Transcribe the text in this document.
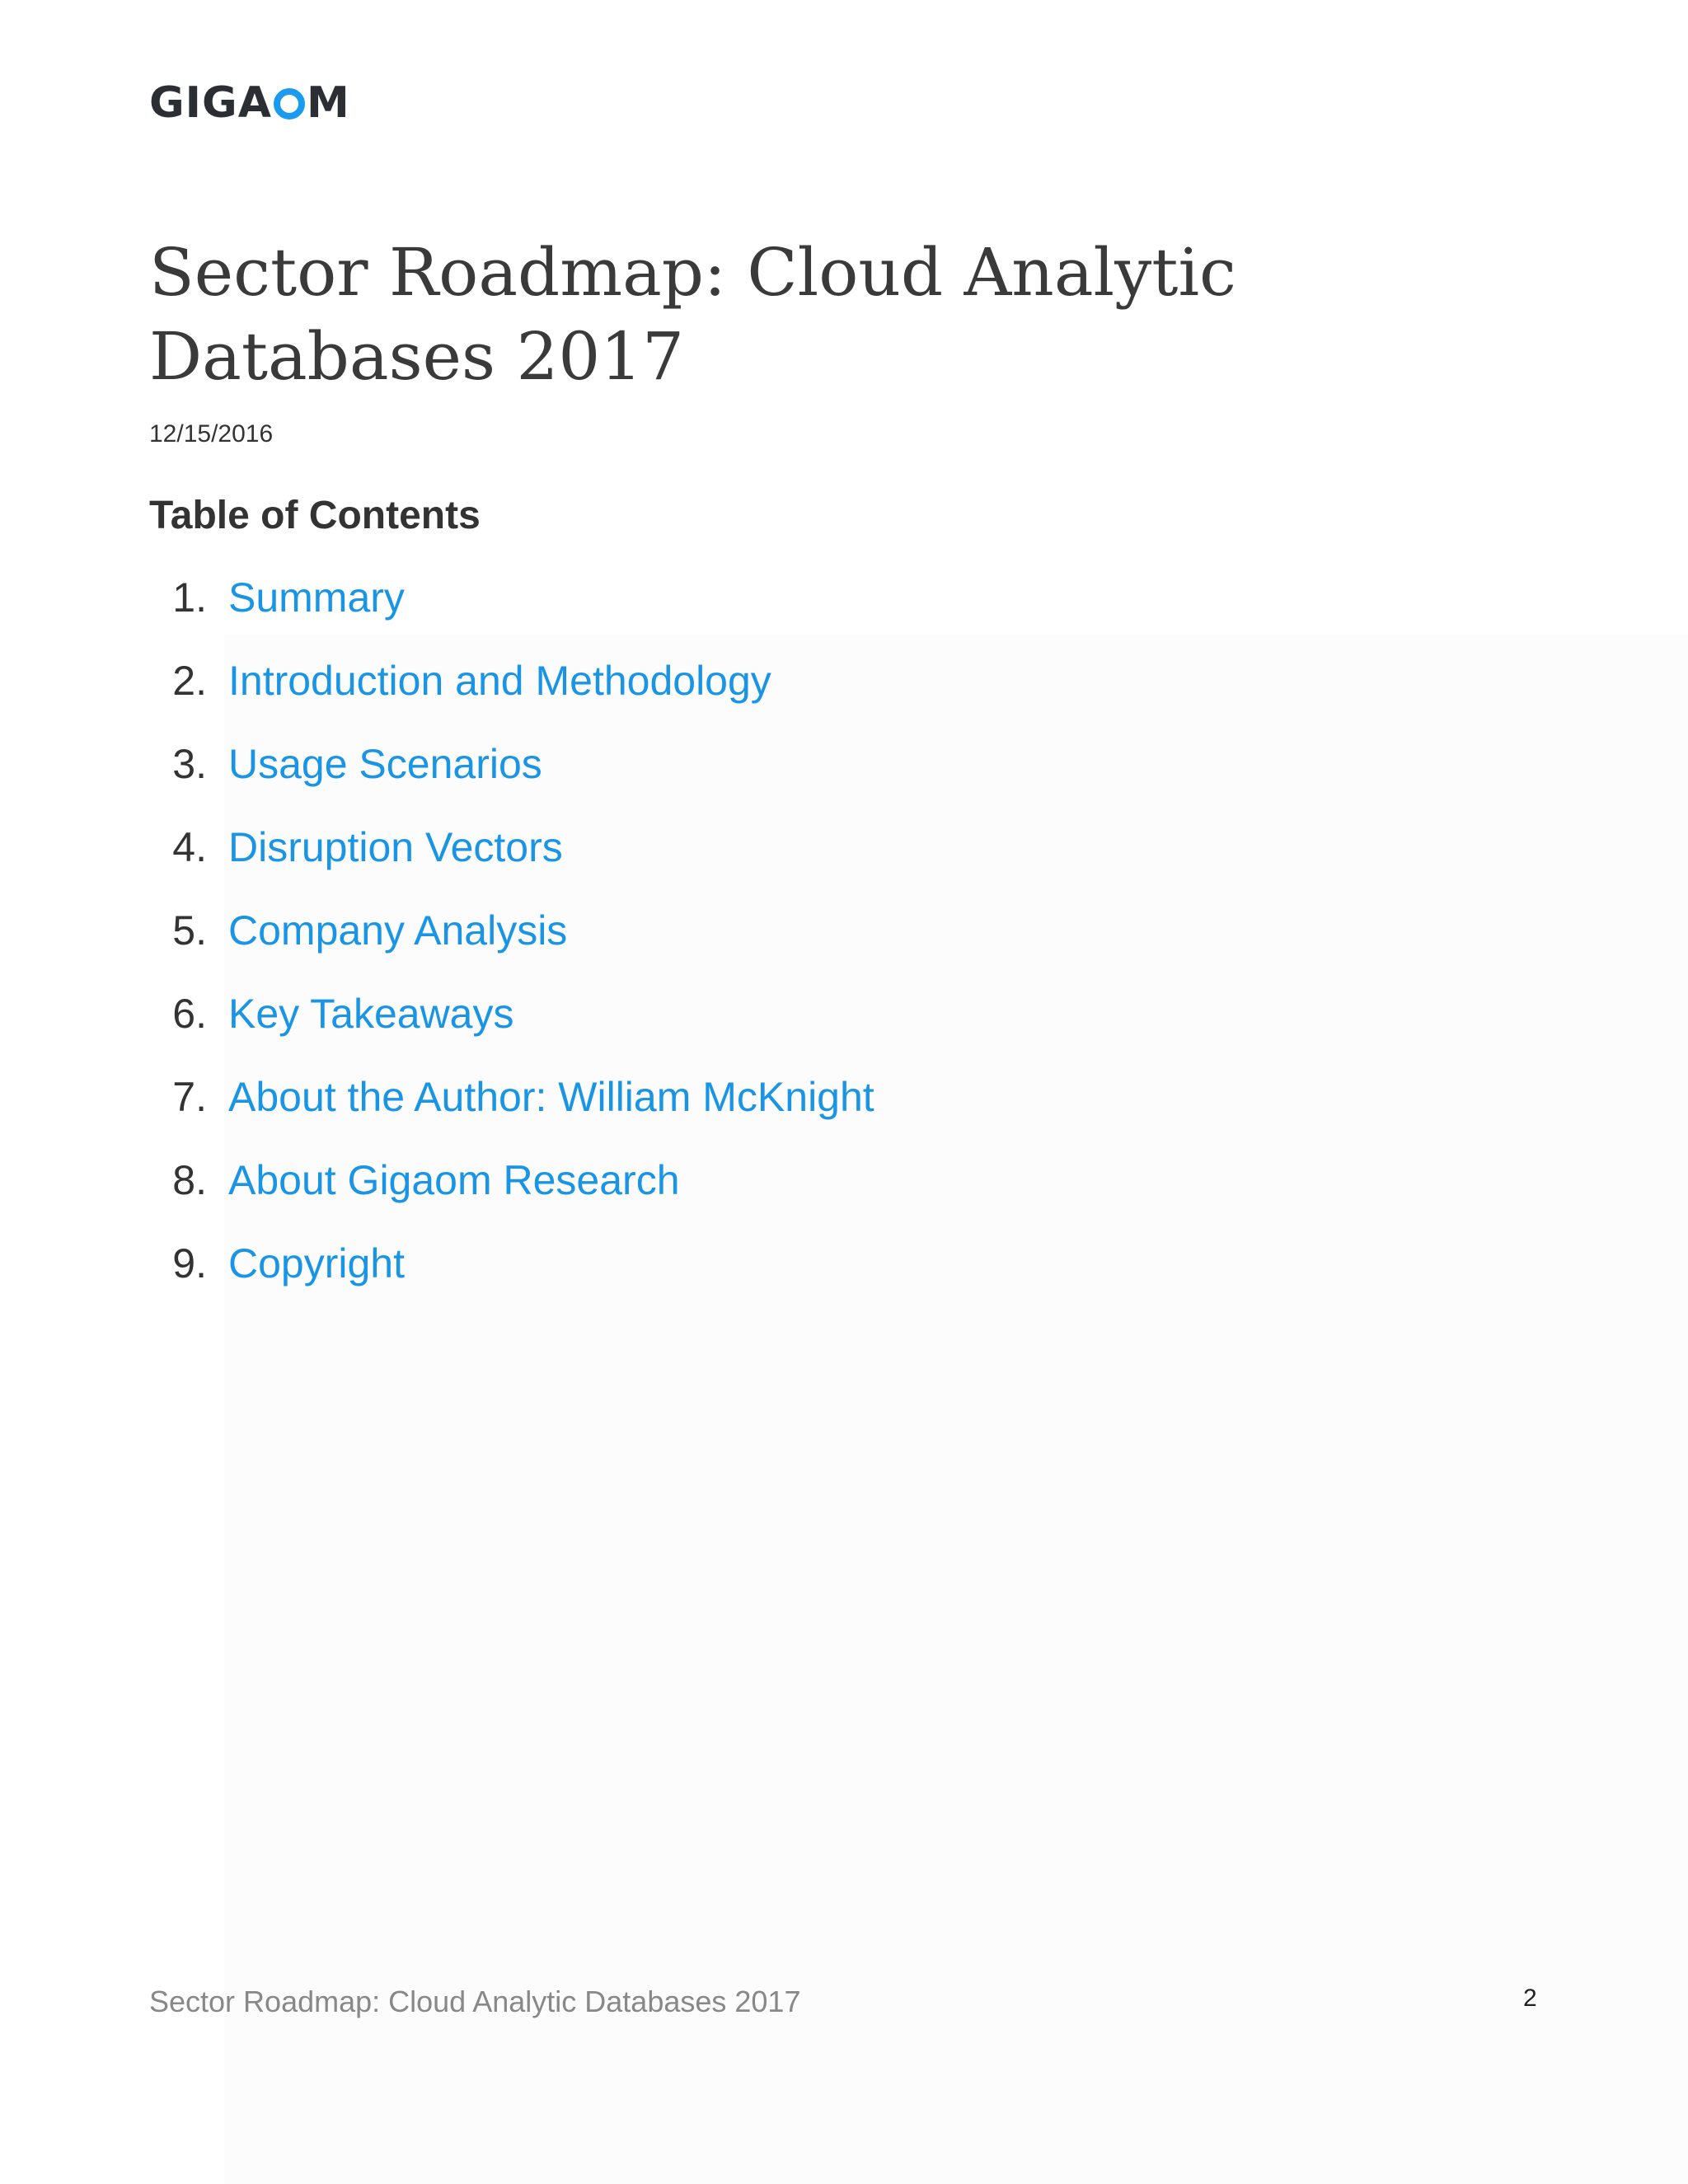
GIGA M
Sector Roadmap: Cloud Analytic Databases 2017
12/15/2016
Table of Contents
1. Summary
2. Introduction and Methodology
3. Usage Scenarios
4. Disruption Vectors
5. Company Analysis
6. Key Takeaways
7. About the Author: William McKnight
8. About Gigaom Research
9. Copyright
Sector Roadmap: Cloud Analytic Databases 2017	2
